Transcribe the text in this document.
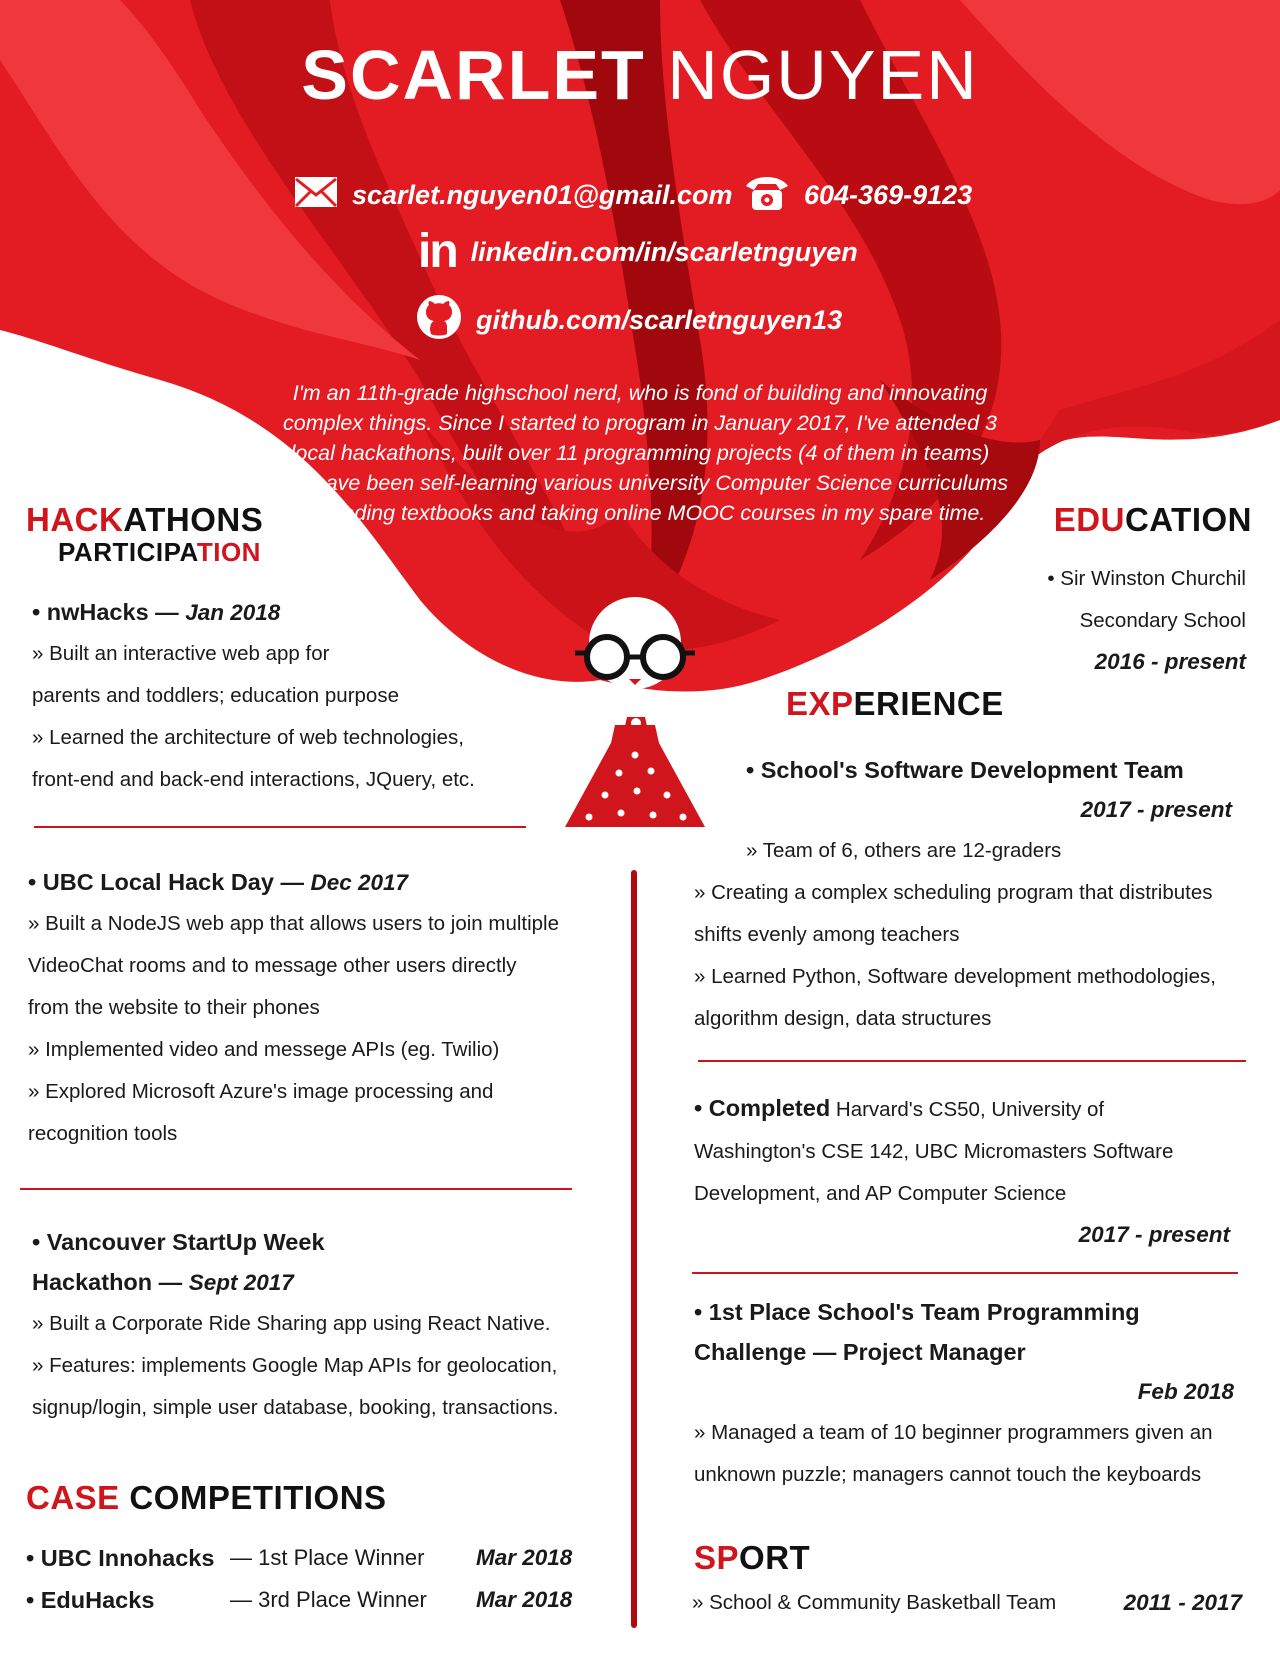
SCARLET NGUYEN
scarlet.nguyen01@gmail.com	604-369-9123
in linkedin.com/in/scarletnguyen
github.com/scarletnguyen13
I'm an 11th-grade highschool nerd, who is fond of building and innovating complex things. Since I started to program in January 2017, I've attended 3 local hackathons, built over 11 programming projects (4 of them in teams) and have been self-learning various university Computer Science curriculums by reading textbooks and taking online MOOC courses in my spare time.
HACKATHONS
PARTICIPATION
• nwHacks — Jan 2018
» Built an interactive web app for
parents and toddlers; education purpose
» Learned the architecture of web technologies,
front-end and back-end interactions, JQuery, etc.
• UBC Local Hack Day — Dec 2017
» Built a NodeJS web app that allows users to join multiple
VideoChat rooms and to message other users directly
from the website to their phones
» Implemented video and messege APIs (eg. Twilio)
» Explored Microsoft Azure's image processing and
recognition tools
• Vancouver StartUp Week
Hackathon — Sept 2017
» Built a Corporate Ride Sharing app using React Native.
» Features: implements Google Map APIs for geolocation,
signup/login, simple user database, booking, transactions.
CASE COMPETITIONS
• UBC Innohacks — 1st Place Winner Mar 2018
• EduHacks	— 3rd Place Winner Mar 2018
EDUCATION
• Sir Winston Churchil
Secondary School
2016 - present
EXPERIENCE
• School's Software Development Team
2017 - present
» Team of 6, others are 12-graders
» Creating a complex scheduling program that distributes
shifts evenly among teachers
» Learned Python, Software development methodologies,
algorithm design, data structures
• Completed Harvard's CS50, University of
Washington's CSE 142, UBC Micromasters Software
Development, and AP Computer Science
2017 - present
• 1st Place School's Team Programming
Challenge — Project Manager
Feb 2018
» Managed a team of 10 beginner programmers given an
unknown puzzle; managers cannot touch the keyboards
SPORT
» School & Community Basketball Team	2011 - 2017
